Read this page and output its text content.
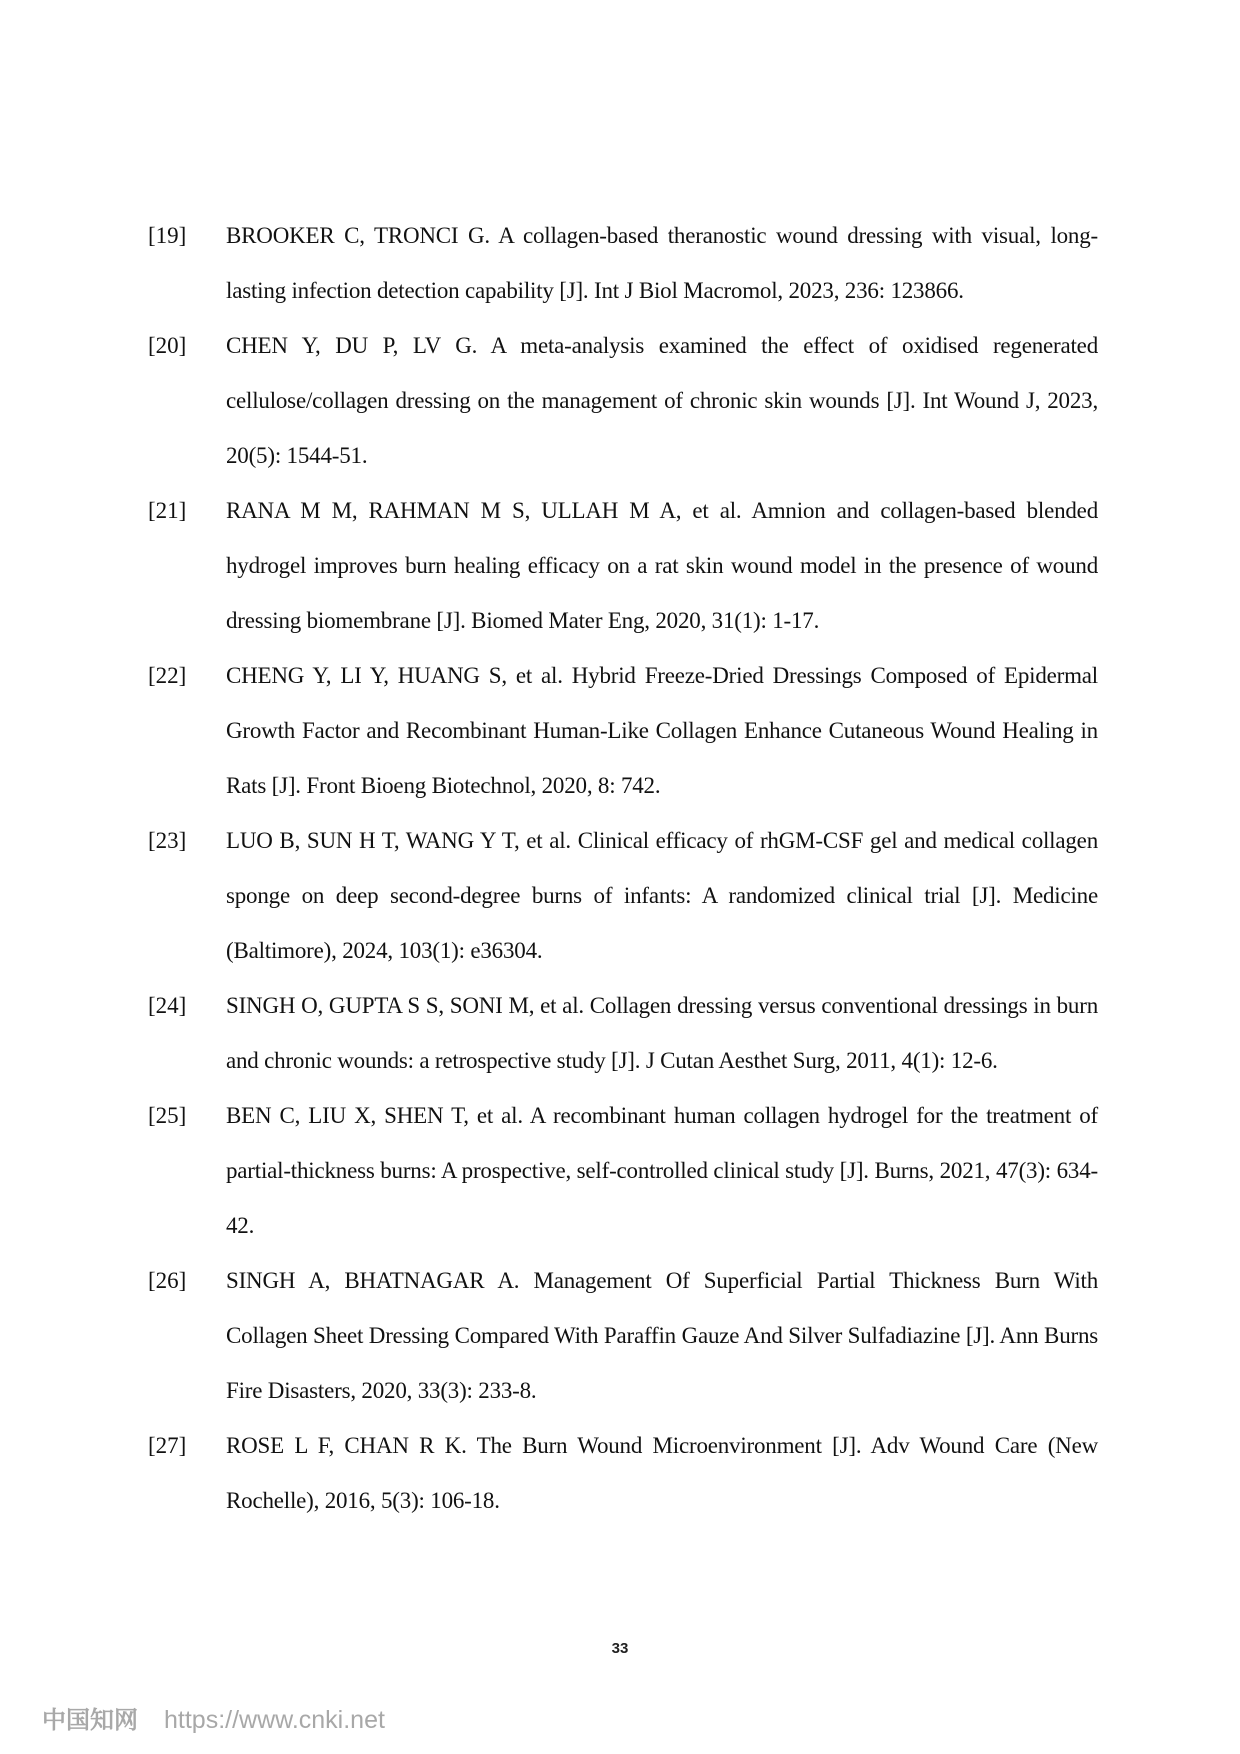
[19] BROOKER C, TRONCI G. A collagen-based theranostic wound dressing with visual, long-lasting infection detection capability [J]. Int J Biol Macromol, 2023, 236: 123866.
[20] CHEN Y, DU P, LV G. A meta-analysis examined the effect of oxidised regenerated cellulose/collagen dressing on the management of chronic skin wounds [J]. Int Wound J, 2023, 20(5): 1544-51.
[21] RANA M M, RAHMAN M S, ULLAH M A, et al. Amnion and collagen-based blended hydrogel improves burn healing efficacy on a rat skin wound model in the presence of wound dressing biomembrane [J]. Biomed Mater Eng, 2020, 31(1): 1-17.
[22] CHENG Y, LI Y, HUANG S, et al. Hybrid Freeze-Dried Dressings Composed of Epidermal Growth Factor and Recombinant Human-Like Collagen Enhance Cutaneous Wound Healing in Rats [J]. Front Bioeng Biotechnol, 2020, 8: 742.
[23] LUO B, SUN H T, WANG Y T, et al. Clinical efficacy of rhGM-CSF gel and medical collagen sponge on deep second-degree burns of infants: A randomized clinical trial [J]. Medicine (Baltimore), 2024, 103(1): e36304.
[24] SINGH O, GUPTA S S, SONI M, et al. Collagen dressing versus conventional dressings in burn and chronic wounds: a retrospective study [J]. J Cutan Aesthet Surg, 2011, 4(1): 12-6.
[25] BEN C, LIU X, SHEN T, et al. A recombinant human collagen hydrogel for the treatment of partial-thickness burns: A prospective, self-controlled clinical study [J]. Burns, 2021, 47(3): 634-42.
[26] SINGH A, BHATNAGAR A. Management Of Superficial Partial Thickness Burn With Collagen Sheet Dressing Compared With Paraffin Gauze And Silver Sulfadiazine [J]. Ann Burns Fire Disasters, 2020, 33(3): 233-8.
[27] ROSE L F, CHAN R K. The Burn Wound Microenvironment [J]. Adv Wound Care (New Rochelle), 2016, 5(3): 106-18.
33
中国知网 https://www.cnki.net
